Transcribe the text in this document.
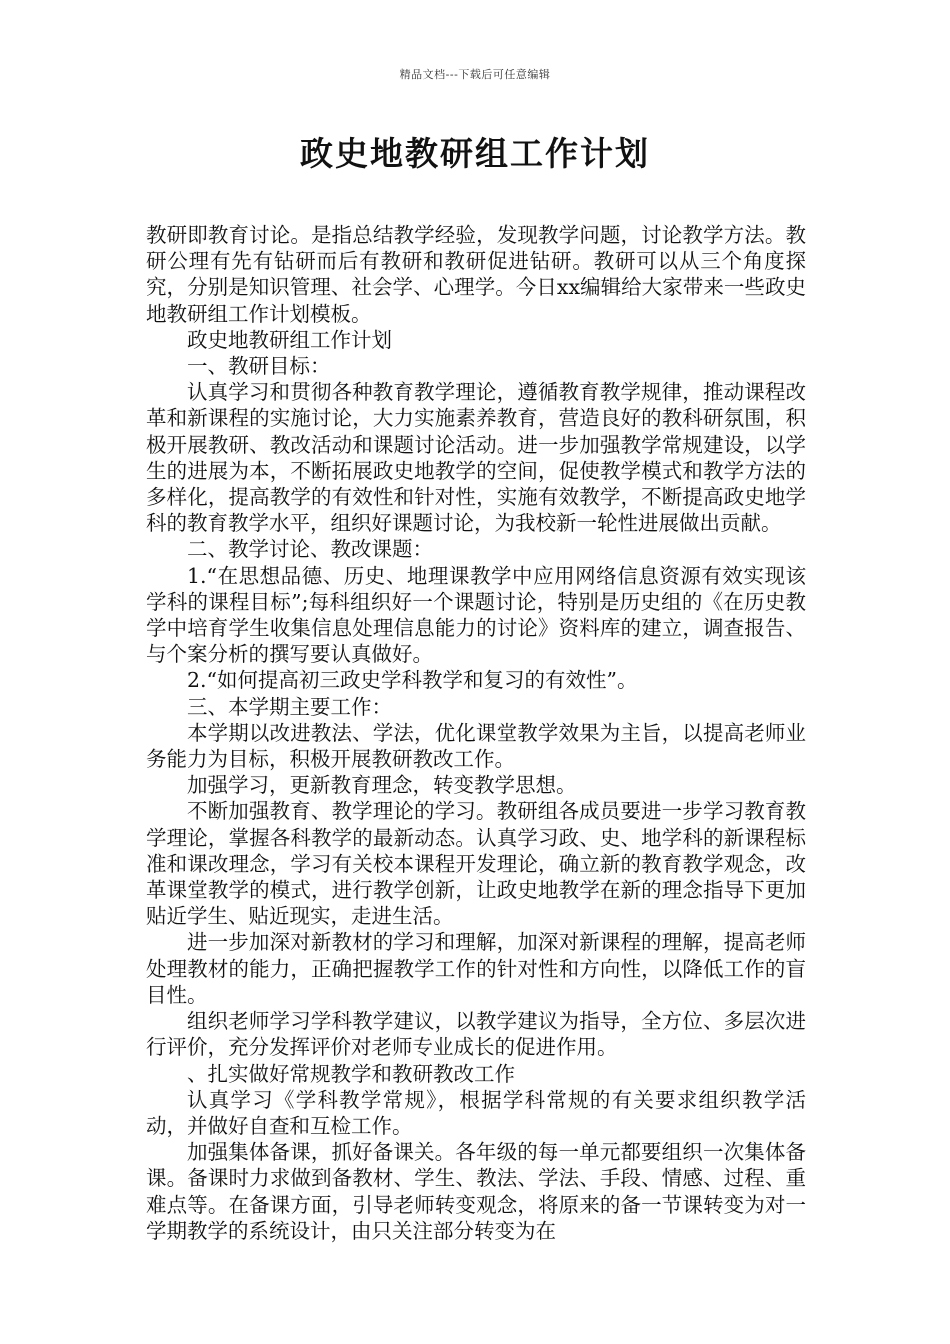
精品文档---下载后可任意编辑
政史地教研组工作计划

教研即教育讨论。是指总结教学经验，发现教学问题，讨论教学方法。教研公理有先有钻研而后有教研和教研促进钻研。教研可以从三个角度探究，分别是知识管理、社会学、心理学。今日xx编辑给大家带来一些政史地教研组工作计划模板。

政史地教研组工作计划

一、教研目标：

认真学习和贯彻各种教育教学理论，遵循教育教学规律，推动课程改革和新课程的实施讨论，大力实施素养教育，营造良好的教科研氛围，积极开展教研、教改活动和课题讨论活动。进一步加强教学常规建设，以学生的进展为本，不断拓展政史地教学的空间，促使教学模式和教学方法的多样化，提高教学的有效性和针对性，实施有效教学，不断提高政史地学科的教育教学水平，组织好课题讨论，为我校新一轮性进展做出贡献。

二、教学讨论、教改课题：

1.“在思想品德、历史、地理课教学中应用网络信息资源有效实现该学科的课程目标”;每科组织好一个课题讨论，特别是历史组的《在历史教学中培育学生收集信息处理信息能力的讨论》资料库的建立，调查报告、与个案分析的撰写要认真做好。

2.“如何提高初三政史学科教学和复习的有效性”。

三、本学期主要工作：

本学期以改进教法、学法，优化课堂教学效果为主旨，以提高老师业务能力为目标，积极开展教研教改工作。

加强学习，更新教育理念，转变教学思想。

不断加强教育、教学理论的学习。教研组各成员要进一步学习教育教学理论，掌握各科教学的最新动态。认真学习政、史、地学科的新课程标准和课改理念，学习有关校本课程开发理论，确立新的教育教学观念，改革课堂教学的模式，进行教学创新，让政史地教学在新的理念指导下更加贴近学生、贴近现实，走进生活。

进一步加深对新教材的学习和理解，加深对新课程的理解，提高老师处理教材的能力，正确把握教学工作的针对性和方向性，以降低工作的盲目性。

组织老师学习学科教学建议，以教学建议为指导，全方位、多层次进行评价，充分发挥评价对老师专业成长的促进作用。

、扎实做好常规教学和教研教改工作

认真学习《学科教学常规》，根据学科常规的有关要求组织教学活动，并做好自查和互检工作。

加强集体备课，抓好备课关。各年级的每一单元都要组织一次集体备课。备课时力求做到备教材、学生、教法、学法、手段、情感、过程、重难点等。在备课方面，引导老师转变观念，将原来的备一节课转变为对一学期教学的系统设计，由只关注部分转变为在
